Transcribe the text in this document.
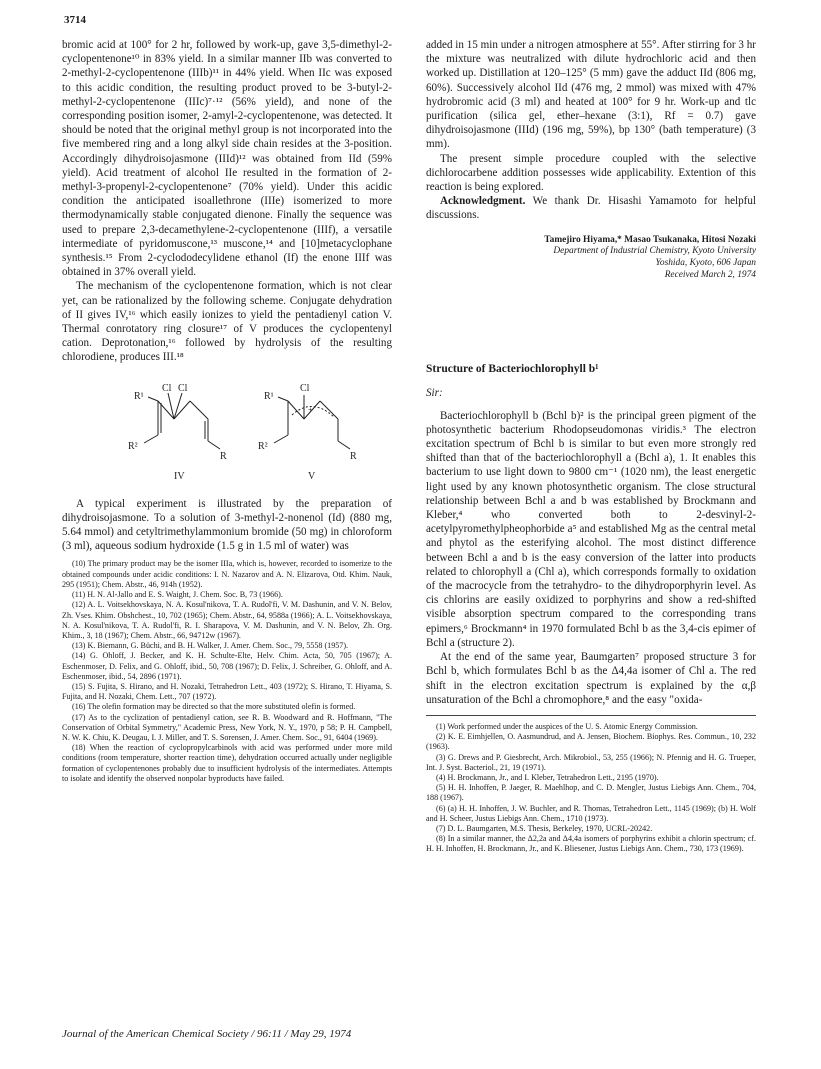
3714

bromic acid at 100° for 2 hr, followed by work-up, gave 3,5-dimethyl-2-cyclopentenone¹⁰ in 83% yield. In a similar manner IIb was converted to 2-methyl-2-cyclopentenone (IIIb)¹¹ in 44% yield. When IIc was exposed to this acidic condition, the resulting product proved to be 3-butyl-2-methyl-2-cyclopentenone (IIIc)⁷·¹² (56% yield), and none of the corresponding position isomer, 2-amyl-2-cyclopentenone, was detected. It should be noted that the original methyl group is not incorporated into the five membered ring and a long alkyl side chain resides at the 3-position. Accordingly dihydroisojasmone (IIId)¹² was obtained from IId (59% yield). Acid treatment of alcohol IIe resulted in the formation of 2-methyl-3-propenyl-2-cyclopentenone⁷ (70% yield). Under this acidic condition the anticipated isoallethrone (IIIe) isomerized to more thermodynamically stable conjugated dienone. Finally the sequence was used to prepare 2,3-decamethylene-2-cyclopentenone (IIIf), a versatile intermediate of pyridomuscone,¹³ muscone,¹⁴ and [10]metacyclophane synthesis.¹⁵ From 2-cyclododecylidene ethanol (If) the enone IIIf was obtained in 37% overall yield.

The mechanism of the cyclopentenone formation, which is not clear yet, can be rationalized by the following scheme. Conjugate dehydration of II gives IV,¹⁶ which easily ionizes to yield the pentadienyl cation V. Thermal conrotatory ring closure¹⁷ of V produces the cyclopentenyl cation. Deprotonation,¹⁶ followed by hydrolysis of the resulting chlorodiene, produces III.¹⁸

Cl Cl
R¹
R²
R
IV
Cl
R¹
R²
R
+
V

A typical experiment is illustrated by the preparation of dihydroisojasmone. To a solution of 3-methyl-2-nonenol (Id) (880 mg, 5.64 mmol) and cetyltrimethylammonium bromide (50 mg) in chloroform (3 ml), aqueous sodium hydroxide (1.5 g in 1.5 ml of water) was

(10) The primary product may be the isomer IIIa, which is, however, recorded to isomerize to the obtained compounds under acidic conditions: I. N. Nazarov and A. N. Elizarova, Otd. Khim. Nauk, 295 (1951); Chem. Abstr., 46, 914h (1952).

(11) H. N. Al-Jallo and E. S. Waight, J. Chem. Soc. B, 73 (1966).

(12) A. L. Voitsekhovskaya, N. A. Kosul'nikova, T. A. Rudol'fi, V. M. Dashunin, and V. N. Belov, Zh. Vses. Khim. Obshchest., 10, 702 (1965); Chem. Abstr., 64, 9588a (1966); A. L. Voitsekhovskaya, N. A. Kosul'nikova, T. A. Rudol'fi, R. I. Sharapova, V. M. Dashunin, and V. N. Belov, Zh. Org. Khim., 3, 18 (1967); Chem. Abstr., 66, 94712w (1967).

(13) K. Biemann, G. Büchi, and B. H. Walker, J. Amer. Chem. Soc., 79, 5558 (1957).

(14) G. Ohloff, J. Becker, and K. H. Schulte-Elte, Helv. Chim. Acta, 50, 705 (1967); A. Eschenmoser, D. Felix, and G. Ohloff, ibid., 50, 708 (1967); D. Felix, J. Schreiber, G. Ohloff, and A. Eschenmoser, ibid., 54, 2896 (1971).

(15) S. Fujita, S. Hirano, and H. Nozaki, Tetrahedron Lett., 403 (1972); S. Hirano, T. Hiyama, S. Fujita, and H. Nozaki, Chem. Lett., 707 (1972).

(16) The olefin formation may be directed so that the more substituted olefin is formed.

(17) As to the cyclization of pentadienyl cation, see R. B. Woodward and R. Hoffmann, "The Conservation of Orbital Symmetry," Academic Press, New York, N. Y., 1970, p 58; P. H. Campbell, N. W. K. Chiu, K. Deugau, I. J. Miller, and T. S. Sorensen, J. Amer. Chem. Soc., 91, 6404 (1969).

(18) When the reaction of cyclopropylcarbinols with acid was performed under more mild conditions (room temperature, shorter reaction time), dehydration occurred actually under negligible formation of cyclopentenones probably due to insufficient hydrolysis of the intermediates. Attempts to isolate and identify the observed nonpolar byproducts have failed.

added in 15 min under a nitrogen atmosphere at 55°. After stirring for 3 hr the mixture was neutralized with dilute hydrochloric acid and then worked up. Distillation at 120–125° (5 mm) gave the adduct IId (806 mg, 60%). Successively alcohol IId (476 mg, 2 mmol) was mixed with 47% hydrobromic acid (3 ml) and heated at 100° for 9 hr. Work-up and tlc purification (silica gel, ether–hexane (3:1), Rf = 0.7) gave dihydroisojasmone (IIId) (196 mg, 59%), bp 130° (bath temperature) (3 mm).

The present simple procedure coupled with the selective dichlorocarbene addition possesses wide applicability. Extention of this reaction is being explored.

Acknowledgment. We thank Dr. Hisashi Yamamoto for helpful discussions.

Tamejiro Hiyama,* Masao Tsukanaka, Hitosi Nozaki

Department of Industrial Chemistry, Kyoto University

Yoshida, Kyoto, 606 Japan

Received March 2, 1974

Structure of Bacteriochlorophyll b¹

Sir:

Bacteriochlorophyll b (Bchl b)² is the principal green pigment of the photosynthetic bacterium Rhodopseudomonas viridis.³ The electron excitation spectrum of Bchl b is similar to but even more strongly red shifted than that of the bacteriochlorophyll a (Bchl a), 1. It enables this bacterium to use light down to 9800 cm⁻¹ (1020 nm), the least energetic light used by any known photosynthetic organism. The close structural relationship between Bchl a and b was established by Brockmann and Kleber,⁴ who converted both to 2-desvinyl-2-acetylpyromethylpheophorbide a⁵ and established Mg as the central metal and phytol as the esterifying alcohol. The most distinct difference between Bchl a and b is the easy conversion of the latter into products related to chlorophyll a (Chl a), which corresponds formally to oxidation of the macrocycle from the tetrahydro- to the dihydroporphyrin level. As cis chlorins are easily oxidized to porphyrins and show a red-shifted visible absorption spectrum compared to the corresponding trans epimers,⁶ Brockmann⁴ in 1970 formulated Bchl b as the 3,4-cis epimer of Bchl a (structure 2).

At the end of the same year, Baumgarten⁷ proposed structure 3 for Bchl b, which formulates Bchl b as the Δ4,4a isomer of Chl a. The red shift in the electron excitation spectrum is explained by the α,β unsaturation of the Bchl a chromophore,⁸ and the easy "oxida-

(1) Work performed under the auspices of the U. S. Atomic Energy Commission.

(2) K. E. Eimhjellen, O. Aasmundrud, and A. Jensen, Biochem. Biophys. Res. Commun., 10, 232 (1963).

(3) G. Drews and P. Giesbrecht, Arch. Mikrobiol., 53, 255 (1966); N. Pfennig and H. G. Trueper, Int. J. Syst. Bacteriol., 21, 19 (1971).

(4) H. Brockmann, Jr., and I. Kleber, Tetrahedron Lett., 2195 (1970).

(5) H. H. Inhoffen, P. Jaeger, R. Maehlhop, and C. D. Mengler, Justus Liebigs Ann. Chem., 704, 188 (1967).

(6) (a) H. H. Inhoffen, J. W. Buchler, and R. Thomas, Tetrahedron Lett., 1145 (1969); (b) H. Wolf and H. Scheer, Justus Liebigs Ann. Chem., 1710 (1973).

(7) D. L. Baumgarten, M.S. Thesis, Berkeley, 1970, UCRL-20242.

(8) In a similar manner, the Δ2,2a and Δ4,4a isomers of porphyrins exhibit a chlorin spectrum; cf. H. H. Inhoffen, H. Brockmann, Jr., and K. Bliesener, Justus Liebigs Ann. Chem., 730, 173 (1969).

Journal of the American Chemical Society / 96:11 / May 29, 1974
